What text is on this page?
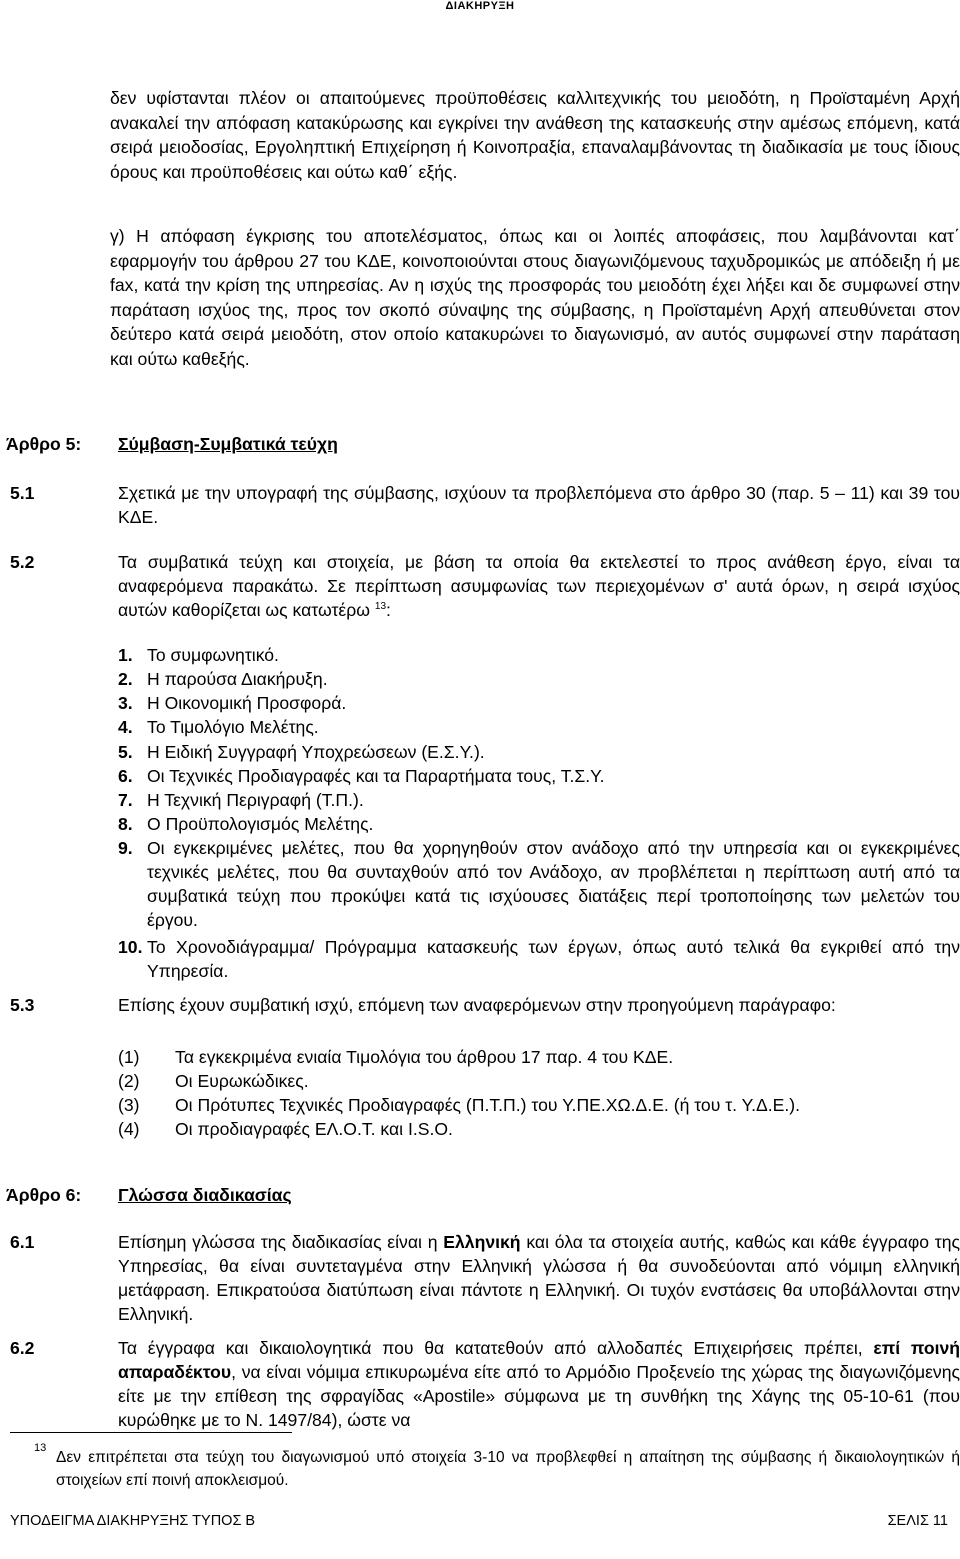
ΔΙΑΚΗΡΥΞΗ
δεν υφίστανται πλέον οι απαιτούμενες προϋποθέσεις καλλιτεχνικής του μειοδότη, η Προϊσταμένη Αρχή ανακαλεί την απόφαση κατακύρωσης και εγκρίνει την ανάθεση της κατασκευής στην αμέσως επόμενη, κατά σειρά μειοδοσίας, Εργοληπτική Επιχείρηση ή Κοινοπραξία, επαναλαμβάνοντας τη διαδικασία με τους ίδιους όρους και προϋποθέσεις και ούτω καθ΄ εξής.
γ) Η απόφαση έγκρισης του αποτελέσματος, όπως και οι λοιπές αποφάσεις, που λαμβάνονται κατ΄ εφαρμογήν του άρθρου 27 του ΚΔΕ, κοινοποιούνται στους διαγωνιζόμενους ταχυδρομικώς με απόδειξη ή με fax, κατά την κρίση της υπηρεσίας. Αν η ισχύς της προσφοράς του μειοδότη έχει λήξει και δε συμφωνεί στην παράταση ισχύος της, προς τον σκοπό σύναψης της σύμβασης, η Προϊσταμένη Αρχή απευθύνεται στον δεύτερο κατά σειρά μειοδότη, στον οποίο κατακυρώνει το διαγωνισμό, αν αυτός συμφωνεί στην παράταση και ούτω καθεξής.
Άρθρο 5: Σύμβαση-Συμβατικά τεύχη
5.1	Σχετικά με την υπογραφή της σύμβασης, ισχύουν τα προβλεπόμενα στο άρθρο 30 (παρ. 5 – 11) και 39 του ΚΔΕ.
5.2	Τα συμβατικά τεύχη και στοιχεία, με βάση τα οποία θα εκτελεστεί το προς ανάθεση έργο, είναι τα αναφερόμενα παρακάτω. Σε περίπτωση ασυμφωνίας των περιεχομένων σ' αυτά όρων, η σειρά ισχύος αυτών καθορίζεται ως κατωτέρω $^{13}$:
1. Το συμφωνητικό.
2. Η παρούσα Διακήρυξη.
3. Η Οικονομική Προσφορά.
4. Το Τιμολόγιο Μελέτης.
5. Η Ειδική Συγγραφή Υποχρεώσεων (Ε.Σ.Υ.).
6. Οι Τεχνικές Προδιαγραφές και τα Παραρτήματα τους, Τ.Σ.Υ.
7. Η Τεχνική Περιγραφή (Τ.Π.).
8. Ο Προϋπολογισμός Μελέτης.
9. Οι εγκεκριμένες μελέτες, που θα χορηγηθούν στον ανάδοχο από την υπηρεσία και οι εγκεκριμένες τεχνικές μελέτες, που θα συνταχθούν από τον Ανάδοχο, αν προβλέπεται η περίπτωση αυτή από τα συμβατικά τεύχη που προκύψει κατά τις ισχύουσες διατάξεις περί τροποποίησης των μελετών του έργου.
10. Το Χρονοδιάγραμμα/ Πρόγραμμα κατασκευής των έργων, όπως αυτό τελικά θα εγκριθεί από την Υπηρεσία.
5.3	Επίσης έχουν συμβατική ισχύ, επόμενη των αναφερόμενων στην προηγούμενη παράγραφο:
(1) Τα εγκεκριμένα ενιαία Τιμολόγια του άρθρου 17 παρ. 4 του ΚΔΕ.
(2) Οι Ευρωκώδικες.
(3) Οι Πρότυπες Τεχνικές Προδιαγραφές (Π.Τ.Π.) του Υ.ΠΕ.ΧΩ.Δ.Ε. (ή του τ. Υ.Δ.Ε.).
(4) Οι προδιαγραφές ΕΛ.Ο.Τ. και I.S.O.
Άρθρο 6: Γλώσσα διαδικασίας
6.1	Επίσημη γλώσσα της διαδικασίας είναι η Ελληνική και όλα τα στοιχεία αυτής, καθώς και κάθε έγγραφο της Υπηρεσίας, θα είναι συντεταγμένα στην Ελληνική γλώσσα ή θα συνοδεύονται από νόμιμη ελληνική μετάφραση. Επικρατούσα διατύπωση είναι πάντοτε η Ελληνική. Οι τυχόν ενστάσεις θα υποβάλλονται στην Ελληνική.
6.2	Τα έγγραφα και δικαιολογητικά που θα κατατεθούν από αλλοδαπές Επιχειρήσεις πρέπει, επί ποινή απαραδέκτου, να είναι νόμιμα επικυρωμένα είτε από το Αρμόδιο Προξενείο της χώρας της διαγωνιζόμενης είτε με την επίθεση της σφραγίδας «Apostile» σύμφωνα με τη συνθήκη της Χάγης της 05-10-61 (που κυρώθηκε με το Ν. 1497/84), ώστε να
ΥΠΟΔΕΙΓΜΑ ΔΙΑΚΗΡΥΞΗΣ ΤΥΠΟΣ Β	ΣΕΛΙΣ 11
13
Δεν επιτρέπεται στα τεύχη του διαγωνισμού υπό στοιχεία 3-10 να προβλεφθεί η απαίτηση της σύμβασης ή δικαιολογητικών ή στοιχείων επί ποινή αποκλεισμού.
